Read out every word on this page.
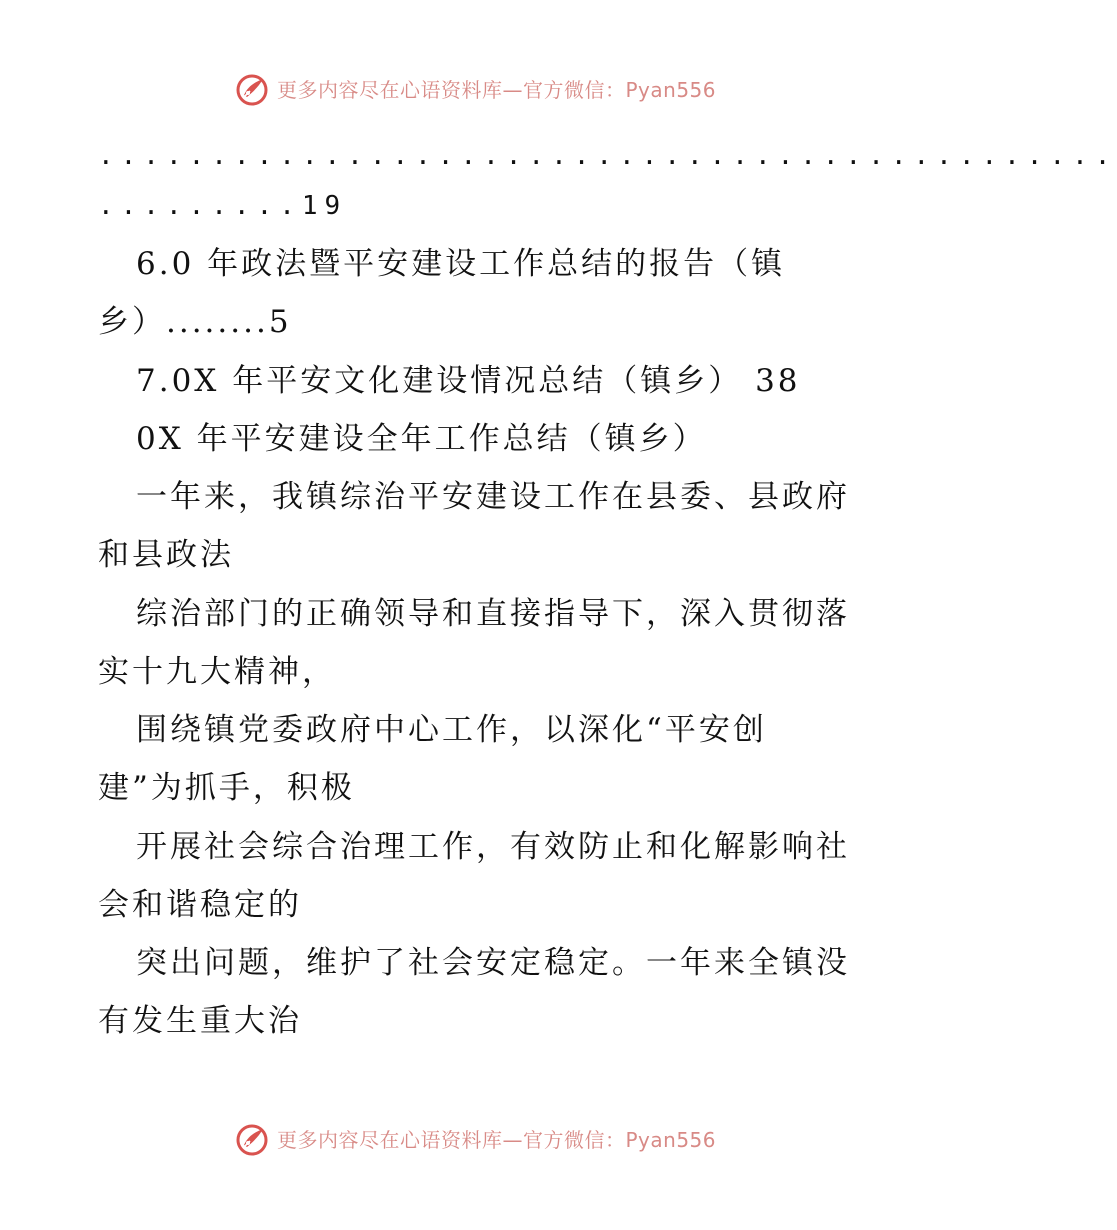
更多内容尽在心语资料库—官方微信：Pyan556
.............................................
.........19
6.0 年政法暨平安建设工作总结的报告（镇
乡）........5
7.0X 年平安文化建设情况总结（镇乡） 38
0X 年平安建设全年工作总结（镇乡）
一年来，我镇综治平安建设工作在县委、县政府
和县政法
综治部门的正确领导和直接指导下，深入贯彻落
实十九大精神，
围绕镇党委政府中心工作，以深化“平安创
建”为抓手，积极
开展社会综合治理工作，有效防止和化解影响社
会和谐稳定的
突出问题，维护了社会安定稳定。一年来全镇没
有发生重大治
更多内容尽在心语资料库—官方微信：Pyan556
